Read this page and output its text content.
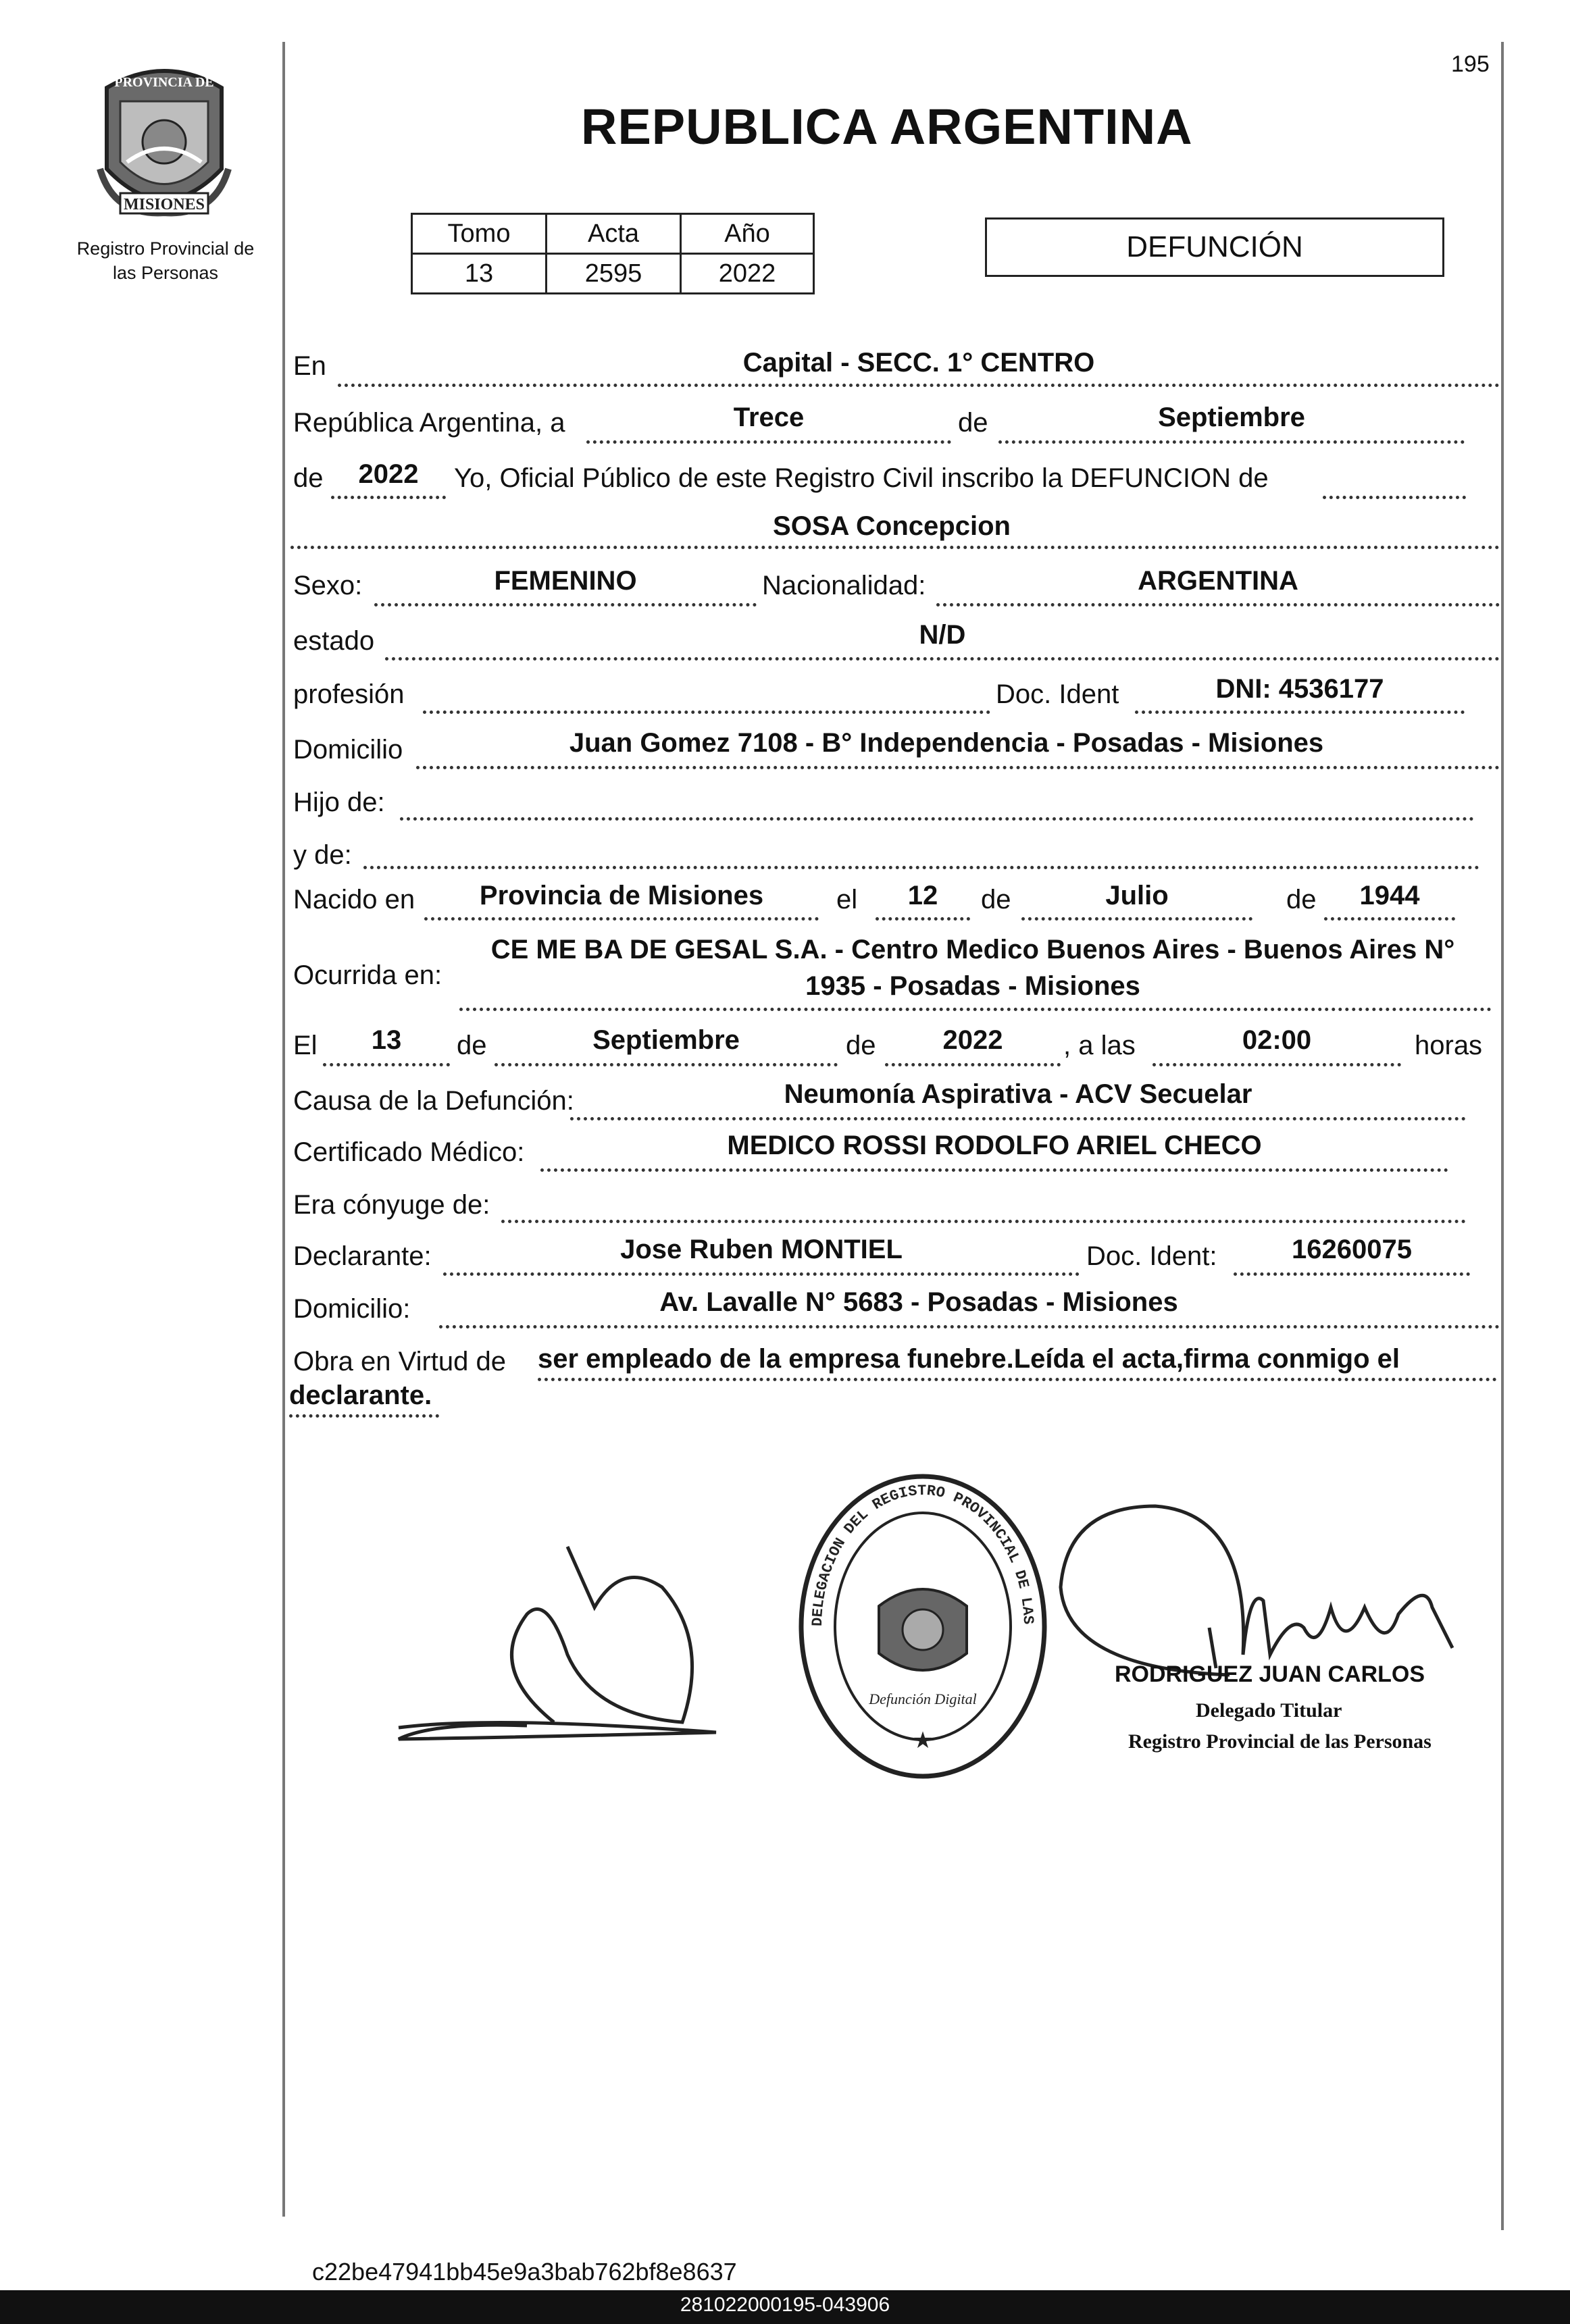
PROVINCIA DE
MISIONES
Registro Provincial de
las Personas
195
REPUBLICA ARGENTINA
Tomo	Acta	Año
13	2595	2022
DEFUNCIÓN
En	Capital - SECC. 1° CENTRO
República Argentina, a	Trece	de	Septiembre
de	2022	Yo, Oficial Público de este Registro Civil inscribo la DEFUNCION de
SOSA Concepcion
Sexo:	FEMENINO	Nacionalidad:	ARGENTINA
estado	N/D
profesión	Doc. Ident	DNI: 4536177
Domicilio	Juan Gomez 7108 - B° Independencia - Posadas - Misiones
Hijo de:
y de:
Nacido en	Provincia de Misiones	el	12	de	Julio	de	1944
Ocurrida en:
CE ME BA DE GESAL S.A. - Centro Medico Buenos Aires - Buenos Aires N°
1935 - Posadas - Misiones
El	13	de	Septiembre	de	2022	, a las	02:00	horas
Causa de la Defunción:	Neumonía Aspirativa - ACV Secuelar
Certificado Médico:	MEDICO ROSSI RODOLFO ARIEL CHECO
Era cónyuge de:
Declarante:	Jose Ruben MONTIEL	Doc. Ident:	16260075
Domicilio:	Av. Lavalle N° 5683 - Posadas - Misiones
Obra en Virtud de ser empleado de la empresa funebre.Leída el acta,firma conmigo el
declarante.
DELEGACION DEL REGISTRO PROVINCIAL DE LAS
Defunción Digital
★
RODRIGUEZ JUAN CARLOS
Delegado Titular
Registro Provincial de las Personas
c22be47941bb45e9a3bab762bf8e8637
281022000195-043906
